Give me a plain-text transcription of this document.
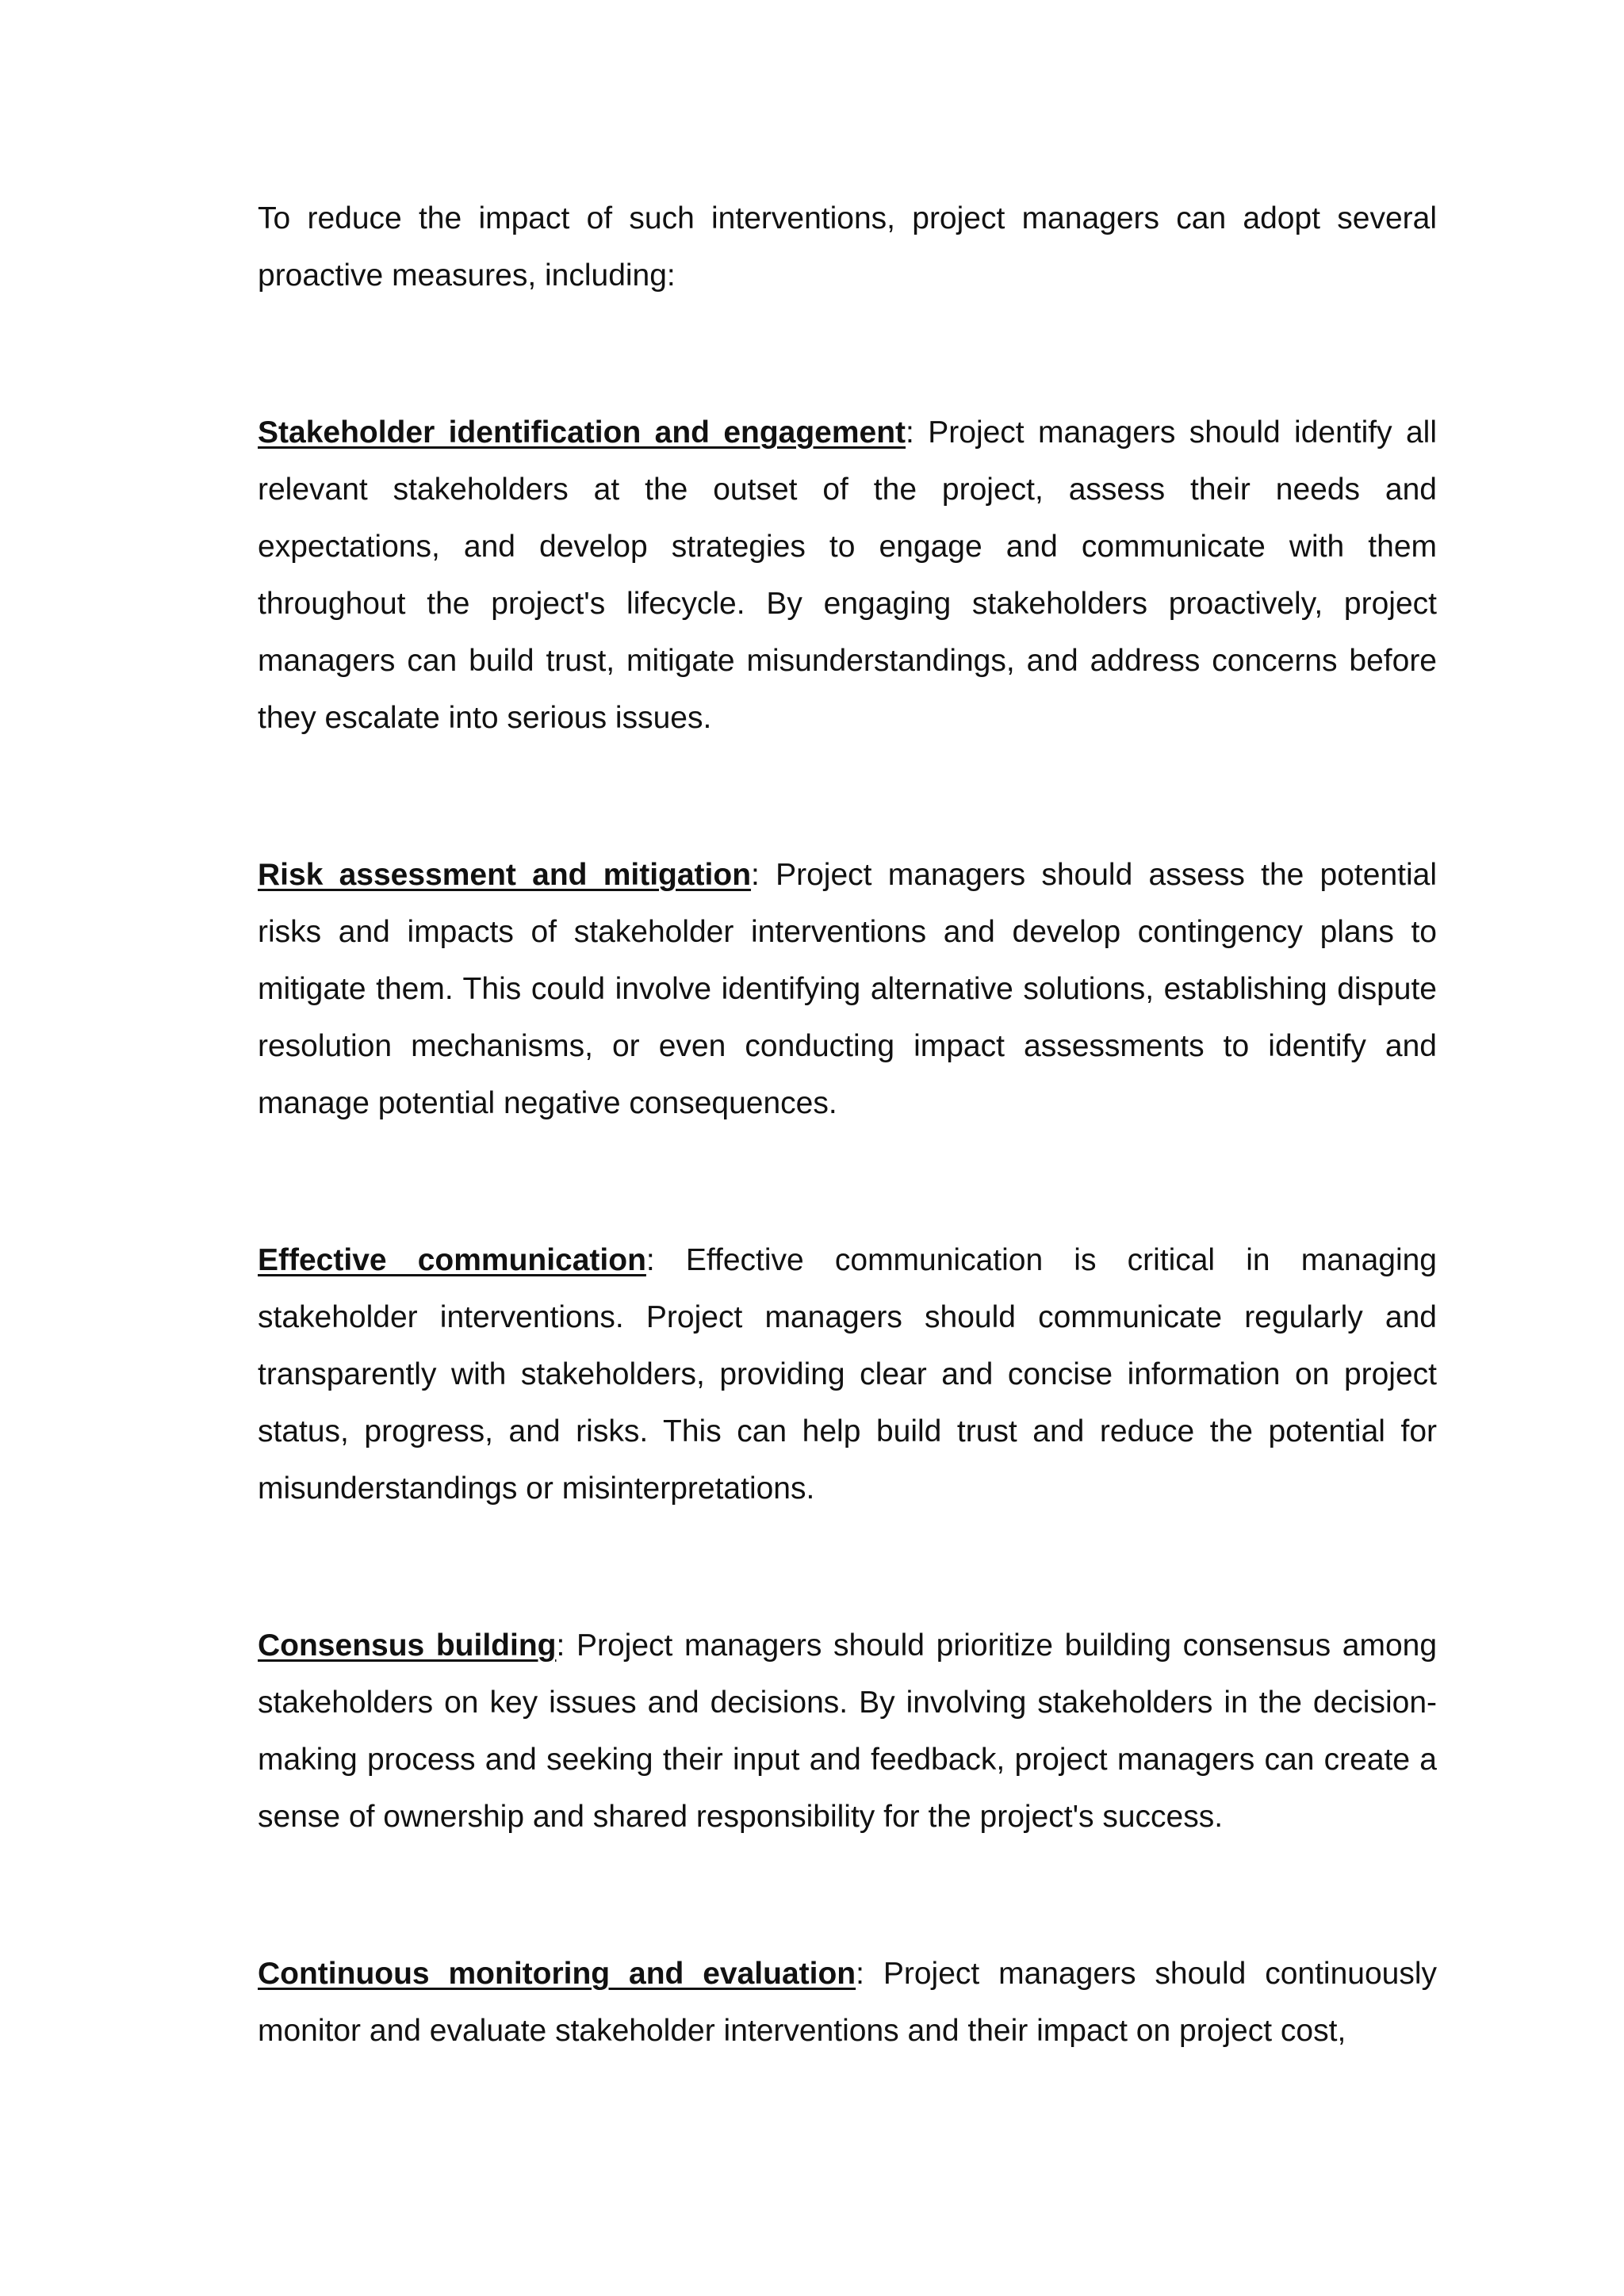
To reduce the impact of such interventions, project managers can adopt several proactive measures, including:

Stakeholder identification and engagement: Project managers should identify all relevant stakeholders at the outset of the project, assess their needs and expectations, and develop strategies to engage and communicate with them throughout the project's lifecycle. By engaging stakeholders proactively, project managers can build trust, mitigate misunderstandings, and address concerns before they escalate into serious issues.

Risk assessment and mitigation: Project managers should assess the potential risks and impacts of stakeholder interventions and develop contingency plans to mitigate them. This could involve identifying alternative solutions, establishing dispute resolution mechanisms, or even conducting impact assessments to identify and manage potential negative consequences.

Effective communication: Effective communication is critical in managing stakeholder interventions. Project managers should communicate regularly and transparently with stakeholders, providing clear and concise information on project status, progress, and risks. This can help build trust and reduce the potential for misunderstandings or misinterpretations.

Consensus building: Project managers should prioritize building consensus among stakeholders on key issues and decisions. By involving stakeholders in the decision-making process and seeking their input and feedback, project managers can create a sense of ownership and shared responsibility for the project's success.

Continuous monitoring and evaluation: Project managers should continuously monitor and evaluate stakeholder interventions and their impact on project cost,
